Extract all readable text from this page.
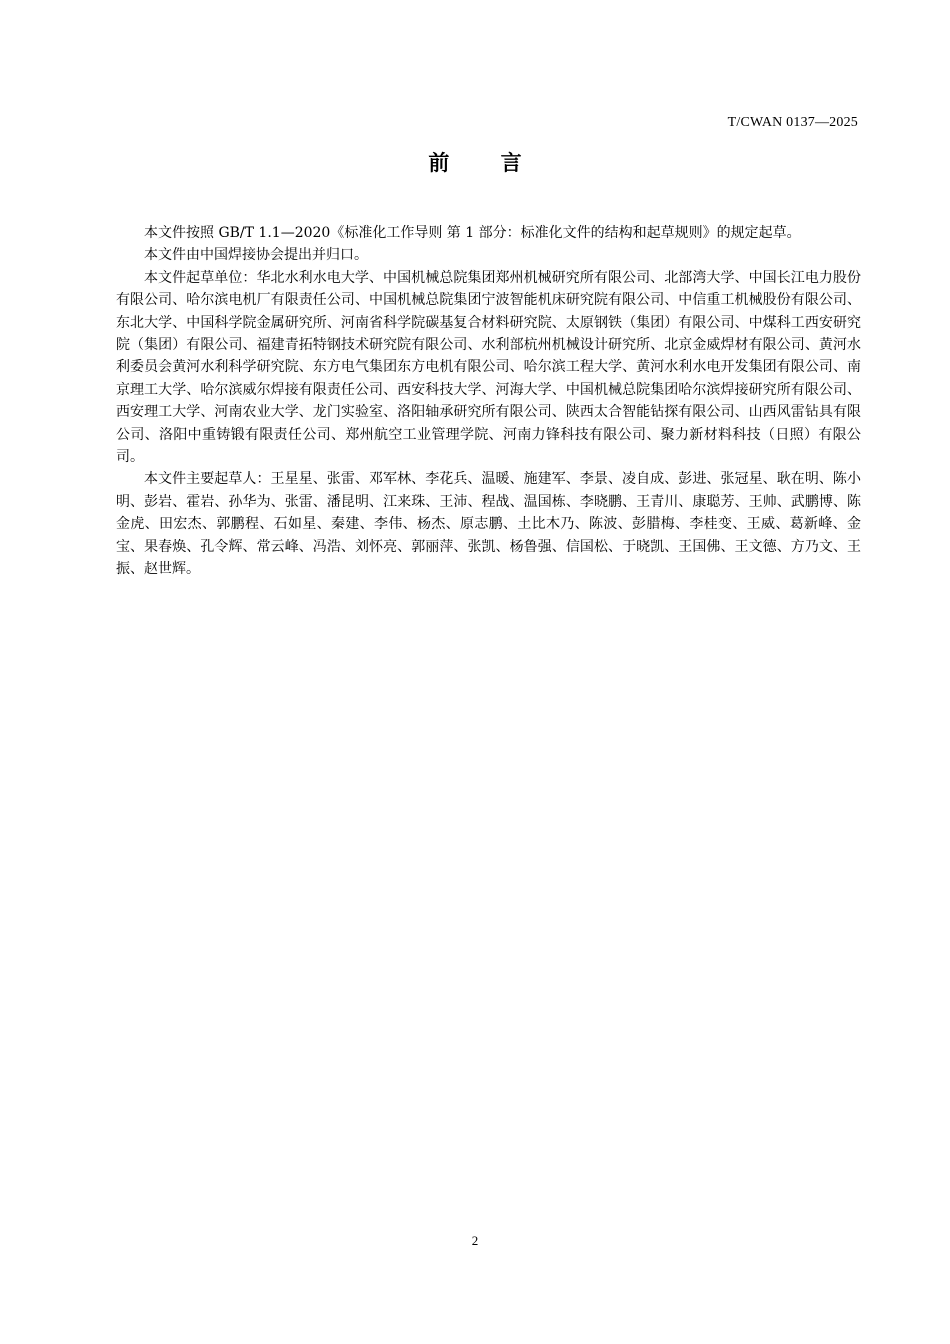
T/CWAN 0137—2025
前 言

本文件按照 GB/T 1.1—2020《标准化工作导则 第 1 部分：标准化文件的结构和起草规则》的规定起草。

本文件由中国焊接协会提出并归口。

本文件起草单位：华北水利水电大学、中国机械总院集团郑州机械研究所有限公司、北部湾大学、中国长江电力股份有限公司、哈尔滨电机厂有限责任公司、中国机械总院集团宁波智能机床研究院有限公司、中信重工机械股份有限公司、东北大学、中国科学院金属研究所、河南省科学院碳基复合材料研究院、太原钢铁（集团）有限公司、中煤科工西安研究院（集团）有限公司、福建青拓特钢技术研究院有限公司、水利部杭州机械设计研究所、北京金威焊材有限公司、黄河水利委员会黄河水利科学研究院、东方电气集团东方电机有限公司、哈尔滨工程大学、黄河水利水电开发集团有限公司、南京理工大学、哈尔滨威尔焊接有限责任公司、西安科技大学、河海大学、中国机械总院集团哈尔滨焊接研究所有限公司、西安理工大学、河南农业大学、龙门实验室、洛阳轴承研究所有限公司、陕西太合智能钻探有限公司、山西风雷钻具有限公司、洛阳中重铸锻有限责任公司、郑州航空工业管理学院、河南力锋科技有限公司、聚力新材料科技（日照）有限公司。

本文件主要起草人：王星星、张雷、邓军林、李花兵、温暖、施建军、李景、凌自成、彭进、张冠星、耿在明、陈小明、彭岩、霍岩、孙华为、张雷、潘昆明、江来珠、王沛、程战、温国栋、李晓鹏、王青川、康聪芳、王帅、武鹏博、陈金虎、田宏杰、郭鹏程、石如星、秦建、李伟、杨杰、原志鹏、土比木乃、陈波、彭腊梅、李桂变、王威、葛新峰、金宝、果春焕、孔令辉、常云峰、冯浩、刘怀亮、郭丽萍、张凯、杨鲁强、信国松、于晓凯、王国佛、王文德、方乃文、王振、赵世辉。

2
